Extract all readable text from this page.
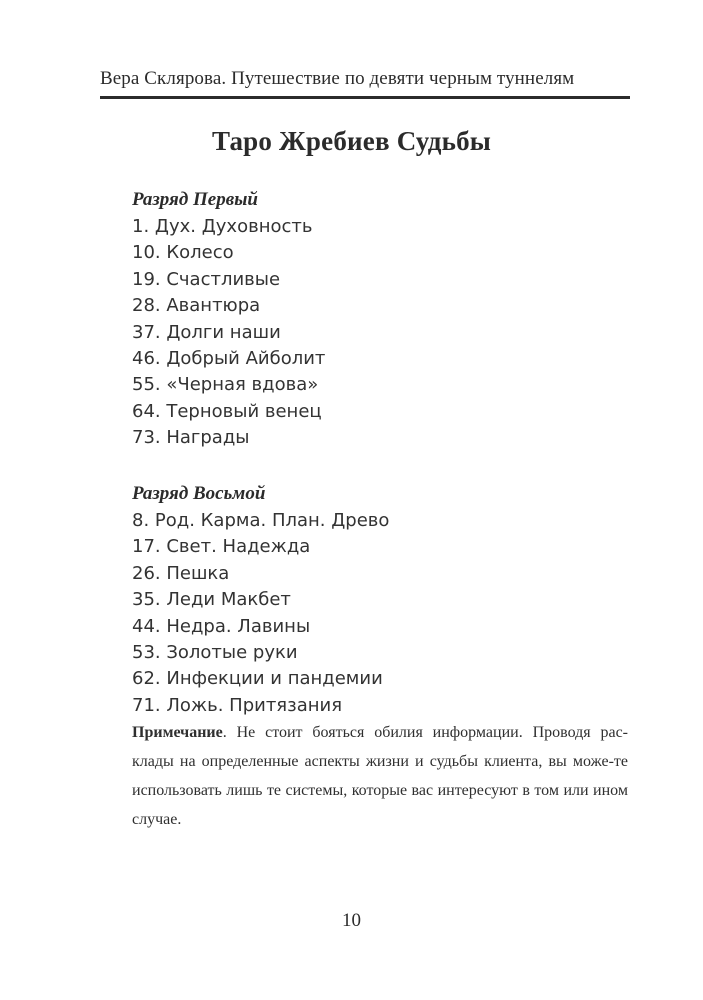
Вера Склярова. Путешествие по девяти черным туннелям
Таро Жребиев Судьбы
Разряд Первый
1. Дух. Духовность
10. Колесо
19. Счастливые
28. Авантюра
37. Долги наши
46. Добрый Айболит
55. «Черная вдова»
64. Терновый венец
73. Награды
Разряд Восьмой
8. Род. Карма. План. Древо
17. Свет. Надежда
26. Пешка
35. Леди Макбет
44. Недра. Лавины
53. Золотые руки
62. Инфекции и пандемии
71. Ложь. Притязания

Примечание. Не стоит бояться обилия информации. Проводя рас-клады на определенные аспекты жизни и судьбы клиента, вы може-те использовать лишь те системы, которые вас интересуют в том или ином случае.

10
